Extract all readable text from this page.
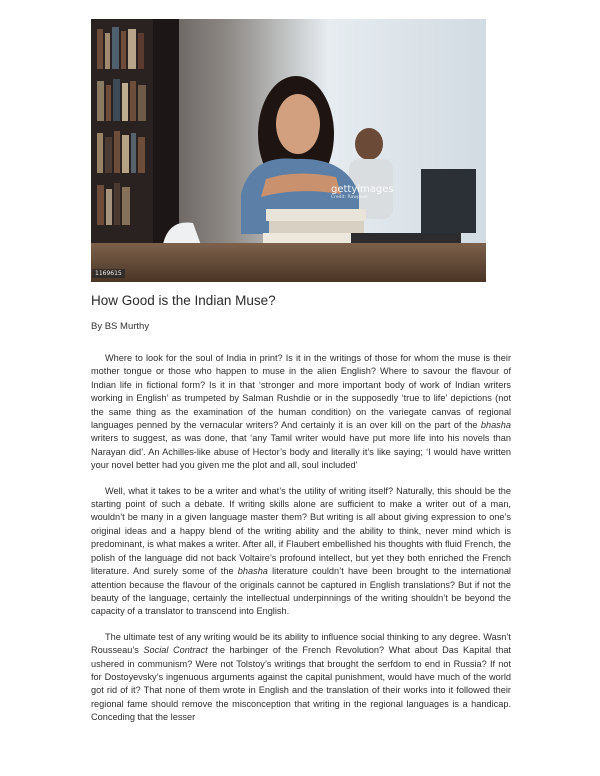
gettyimages
Credit: Rawpixel
1169615
How Good is the Indian Muse?
By BS Murthy

Where to look for the soul of India in print? Is it in the writings of those for whom the muse is their mother tongue or those who happen to muse in the alien English? Where to savour the flavour of Indian life in fictional form? Is it in that ‘stronger and more important body of work of Indian writers working in English’ as trumpeted by Salman Rushdie or in the supposedly ‘true to life’ depictions (not the same thing as the examination of the human condition) on the variegate canvas of regional languages penned by the vernacular writers? And certainly it is an over kill on the part of the bhasha writers to suggest, as was done, that ‘any Tamil writer would have put more life into his novels than Narayan did’. An Achilles-like abuse of Hector’s body and literally it’s like saying; ‘I would have written your novel better had you given me the plot and all, soul included’

Well, what it takes to be a writer and what’s the utility of writing itself? Naturally, this should be the starting point of such a debate. If writing skills alone are sufficient to make a writer out of a man, wouldn’t be many in a given language master them? But writing is all about giving expression to one’s original ideas and a happy blend of the writing ability and the ability to think, never mind which is predominant, is what makes a writer. After all, if Flaubert embellished his thoughts with fluid French, the polish of the language did not back Voltaire’s profound intellect, but yet they both enriched the French literature. And surely some of the bhasha literature couldn’t have been brought to the international attention because the flavour of the originals cannot be captured in English translations? But if not the beauty of the language, certainly the intellectual underpinnings of the writing shouldn’t be beyond the capacity of a translator to transcend into English.

The ultimate test of any writing would be its ability to influence social thinking to any degree. Wasn’t Rousseau’s Social Contract the harbinger of the French Revolution? What about Das Kapital that ushered in communism? Were not Tolstoy’s writings that brought the serfdom to end in Russia? If not for Dostoyevsky’s ingenuous arguments against the capital punishment, would have much of the world got rid of it? That none of them wrote in English and the translation of their works into it followed their regional fame should remove the misconception that writing in the regional languages is a handicap. Conceding that the lesser
